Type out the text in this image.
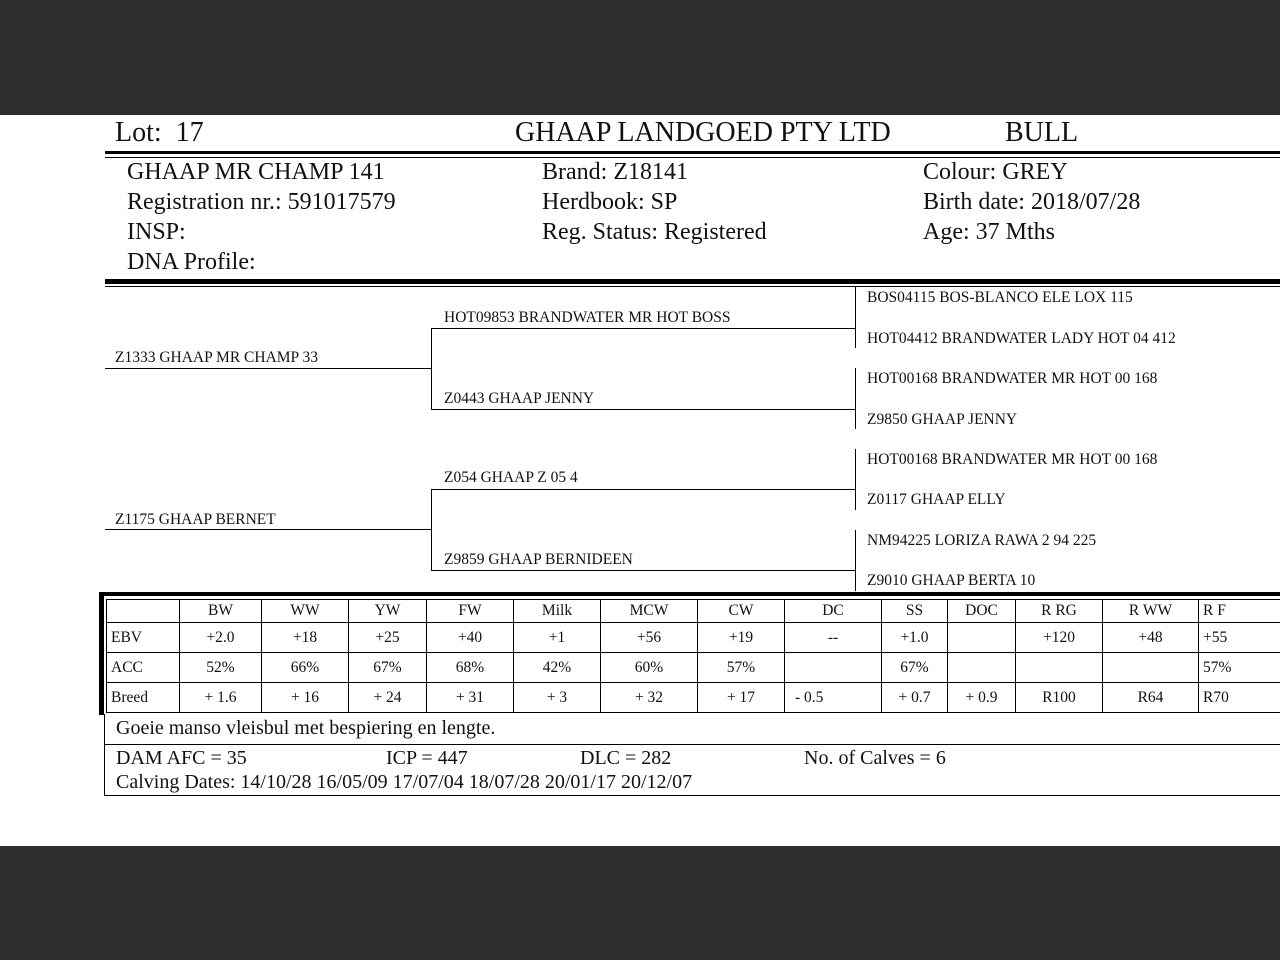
Lot: 17	GHAAP LANDGOED PTY LTD	BULL
GHAAP MR CHAMP 141
Registration nr.: 591017579
INSP:
DNA Profile:
Brand: Z18141
Herdbook: SP
Reg. Status: Registered
Colour: GREY
Birth date: 2018/07/28
Age: 37 Mths
Z1333 GHAAP MR CHAMP 33
Z1175 GHAAP BERNET
HOT09853 BRANDWATER MR HOT BOSS
Z0443 GHAAP JENNY
Z054 GHAAP Z 05 4
Z9859 GHAAP BERNIDEEN
BOS04115 BOS-BLANCO ELE LOX 115
HOT04412 BRANDWATER LADY HOT 04 412
HOT00168 BRANDWATER MR HOT 00 168
Z9850 GHAAP JENNY
HOT00168 BRANDWATER MR HOT 00 168
Z0117 GHAAP ELLY
NM94225 LORIZA RAWA 2 94 225
Z9010 GHAAP BERTA 10
	BW	WW	YW	FW	Milk	MCW	CW	DC	SS	DOC	R RG	R WW	R F
EBV	+2.0	+18	+25	+40	+1	+56	+19	--	+1.0		+120	+48	+55
ACC	52%	66%	67%	68%	42%	60%	57%		67%				57%
Breed	+ 1.6	+ 16	+ 24	+ 31	+ 3	+ 32	+ 17	- 0.5	+ 0.7	+ 0.9	R100	R64	R70
Goeie manso vleisbul met bespiering en lengte.
DAM AFC = 35	ICP = 447	DLC = 282	No. of Calves = 6
Calving Dates: 14/10/28 16/05/09 17/07/04 18/07/28 20/01/17 20/12/07
